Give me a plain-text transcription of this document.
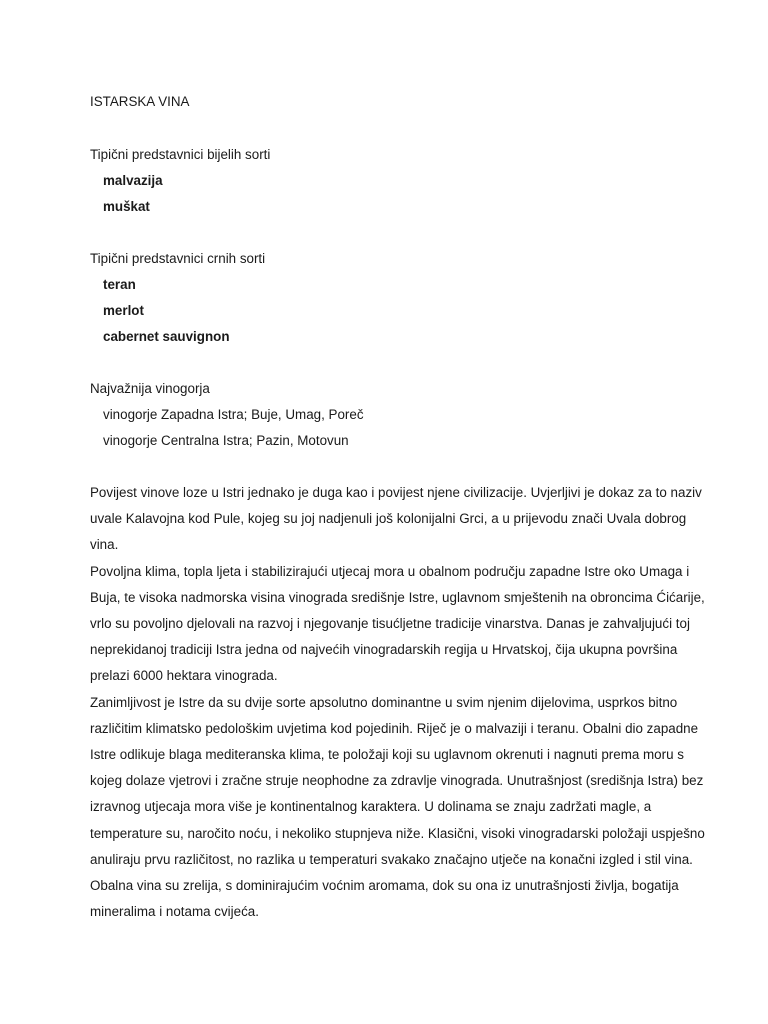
ISTARSKA VINA
Tipični predstavnici bijelih sorti
malvazija
muškat
Tipični predstavnici crnih sorti
teran
merlot
cabernet sauvignon
Najvažnija vinogorja
vinogorje Zapadna Istra; Buje, Umag, Poreč
vinogorje Centralna Istra; Pazin, Motovun
Povijest vinove loze u Istri jednako je duga kao i povijest njene civilizacije. Uvjerljivi je dokaz za to naziv
uvale Kalavojna kod Pule, kojeg su joj nadjenuli još kolonijalni Grci, a u prijevodu znači Uvala dobrog
vina.
Povoljna klima, topla ljeta i stabilizirajući utjecaj mora u obalnom području zapadne Istre oko Umaga i
Buja, te visoka nadmorska visina vinograda središnje Istre, uglavnom smještenih na obroncima Ćićarije,
vrlo su povoljno djelovali na razvoj i njegovanje tisućljetne tradicije vinarstva. Danas je zahvaljujući toj
neprekidanoj tradiciji Istra jedna od najvećih vinogradarskih regija u Hrvatskoj, čija ukupna površina
prelazi 6000 hektara vinograda.
Zanimljivost je Istre da su dvije sorte apsolutno dominantne u svim njenim dijelovima, usprkos bitno
različitim klimatsko pedološkim uvjetima kod pojedinih. Riječ je o malvaziji i teranu. Obalni dio zapadne
Istre odlikuje blaga mediteranska klima, te položaji koji su uglavnom okrenuti i nagnuti prema moru s
kojeg dolaze vjetrovi i zračne struje neophodne za zdravlje vinograda. Unutrašnjost (središnja Istra) bez
izravnog utjecaja mora više je kontinentalnog karaktera. U dolinama se znaju zadržati magle, a
temperature su, naročito noću, i nekoliko stupnjeva niže. Klasični, visoki vinogradarski položaji uspješno
anuliraju prvu različitost, no razlika u temperaturi svakako značajno utječe na konačni izgled i stil vina.
Obalna vina su zrelija, s dominirajućim voćnim aromama, dok su ona iz unutrašnjosti življa, bogatija
mineralima i notama cvijeća.
